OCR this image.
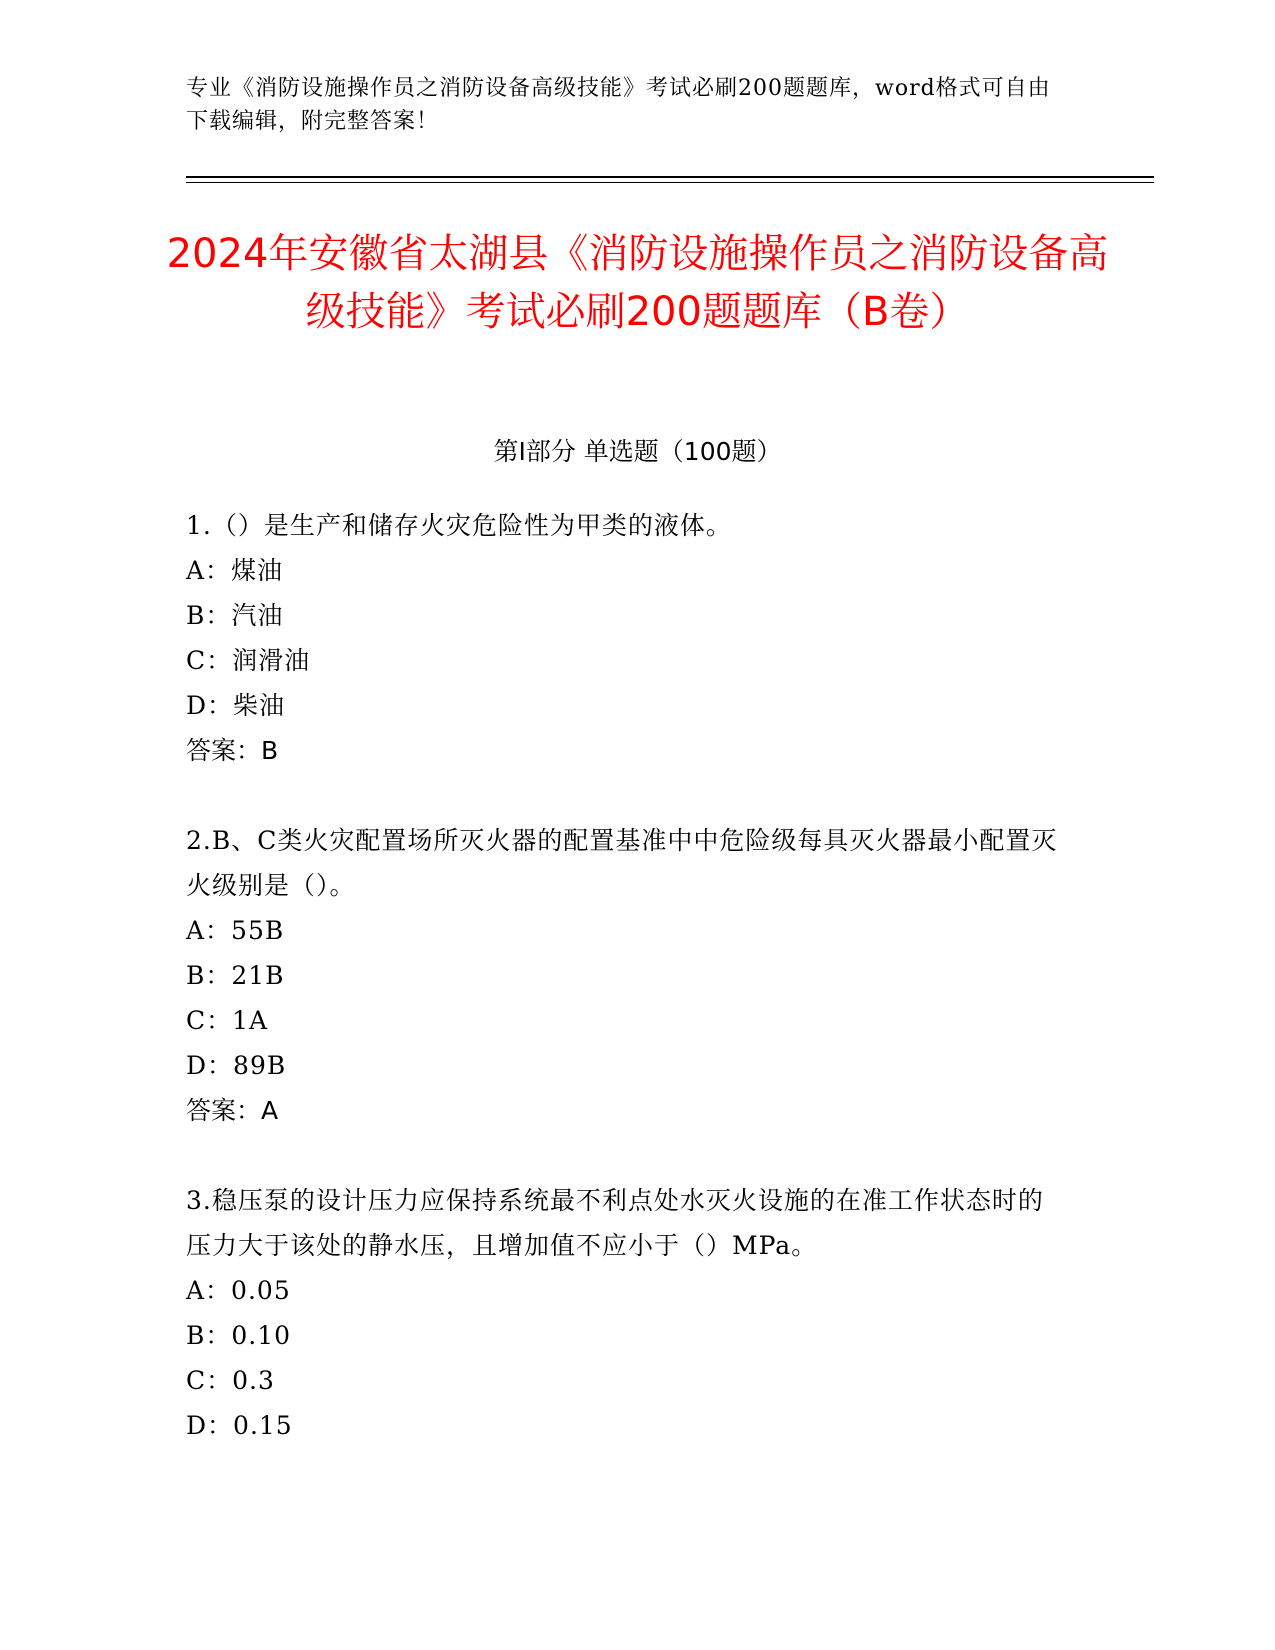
专业《消防设施操作员之消防设备高级技能》考试必刷200题题库，word格式可自由下载编辑，附完整答案！
2024年安徽省太湖县《消防设施操作员之消防设备高级技能》考试必刷200题题库（B卷）
第I部分 单选题（100题）
1.（）是生产和储存火灾危险性为甲类的液体。
A：煤油
B：汽油
C：润滑油
D：柴油
答案：B
2.B、C类火灾配置场所灭火器的配置基准中中危险级每具灭火器最小配置灭火级别是（）。
A：55B
B：21B
C：1A
D：89B
答案：A
3.稳压泵的设计压力应保持系统最不利点处水灭火设施的在准工作状态时的压力大于该处的静水压，且增加值不应小于（）MPa。
A：0.05
B：0.10
C：0.3
D：0.15
